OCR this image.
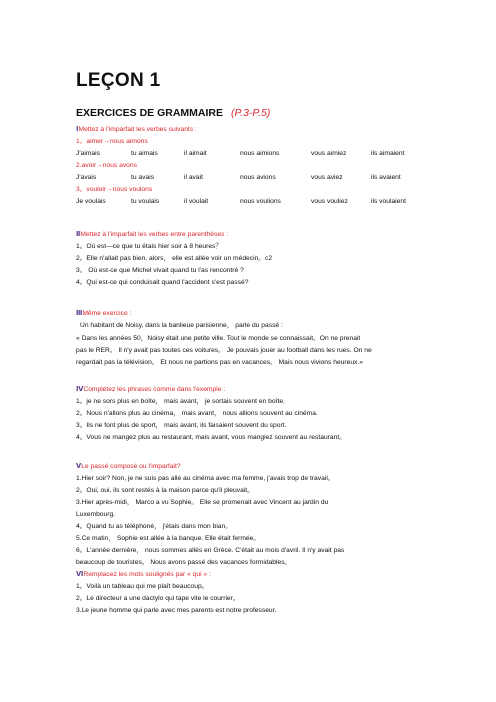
LEÇON 1
EXERCICES DE GRAMMAIRE (P.3-P.5)
ⅠMettez à l'imparfait les verbes suivants :
1。aimer→nous aimons
J'aimais	tu aimais	il aimait	nous aimions	vous aimiez	ils aimaient
2.avoir→nous avons
J'avais	tu avais	il avait	nous avions	vous aviez	ils avaient
3。vouloir→nous voulons
Je voulais	tu voulais	il voulait	nous voulions	vous vouliez	ils voulaient
ⅡMettez à l'imparfait les verbes entre parenthèses :
1。Où est—ce que tu étais hier soir à 8 heures？
2。Elle n'allait pas bien, alors， elle est allée voir un médecin。c2
3。 Où est-ce que Michel vivait quand tu l'as rencontré ?
4。Qui est-ce qui conduisait quand l'accident s'est passé?
ⅢMême exercice :
Un habitant de Noisy, dans la banlieue parisienne， parle du passé :
« Dans les années 50，Noisy était une petite ville. Tout le monde se connaissait。On ne prenait
pas le RER。 Il n'y avait pas toutes ces voitures。 Je pouvais jouer au football dans les rues. On ne
regardait pas la télévision。 Et nous ne partions pas en vacances。 Mais nous vivions heureux.»
ⅣComplétez les phrases comme dans l'exemple :
1。je ne sors plus en boîte， mais avant， je sortais souvent en boîte.
2。Nous n'allons plus au cinéma， mais avant， nous allions souvent au cinéma.
3。Ils ne font plus de sport， mais avant, ils faisaient souvent du sport.
4。Vous ne mangez plus au restaurant, mais avant, vous mangiez souvent au restaurant。
ⅤLe passé composé ou l'imparfait?
1.Hier soir? Non, je ne suis pas allé au cinéma avec ma femme, j'avais trop de travail。
2。Oui, oui, ils sont restés à la maison parce qu'il pleuvait。
3.Hier après-midi， Marco a vu Sophie。 Elle se promenait avec Vincent au jardin du
Luxembourg.
4。Quand tu as téléphoné， j'étais dans mon bian。
5.Ce matin， Sophie est allée à la banque. Elle était fermée。
6。L'année dernière， nous sommes allés en Grèce. C'était au mois d'avril. Il n'y avait pas
beaucoup de touristes。 Nous avons passé des vacances formidables。
ⅥRemplacez les mots soulignés par « qui » :
1。Voilà un tableau qui me plaît beaucoup。
2。Le directeur a une dactylo qui tape vite le courrier。
3.Le jeune homme qui parle avec mes parents est notre professeur.
